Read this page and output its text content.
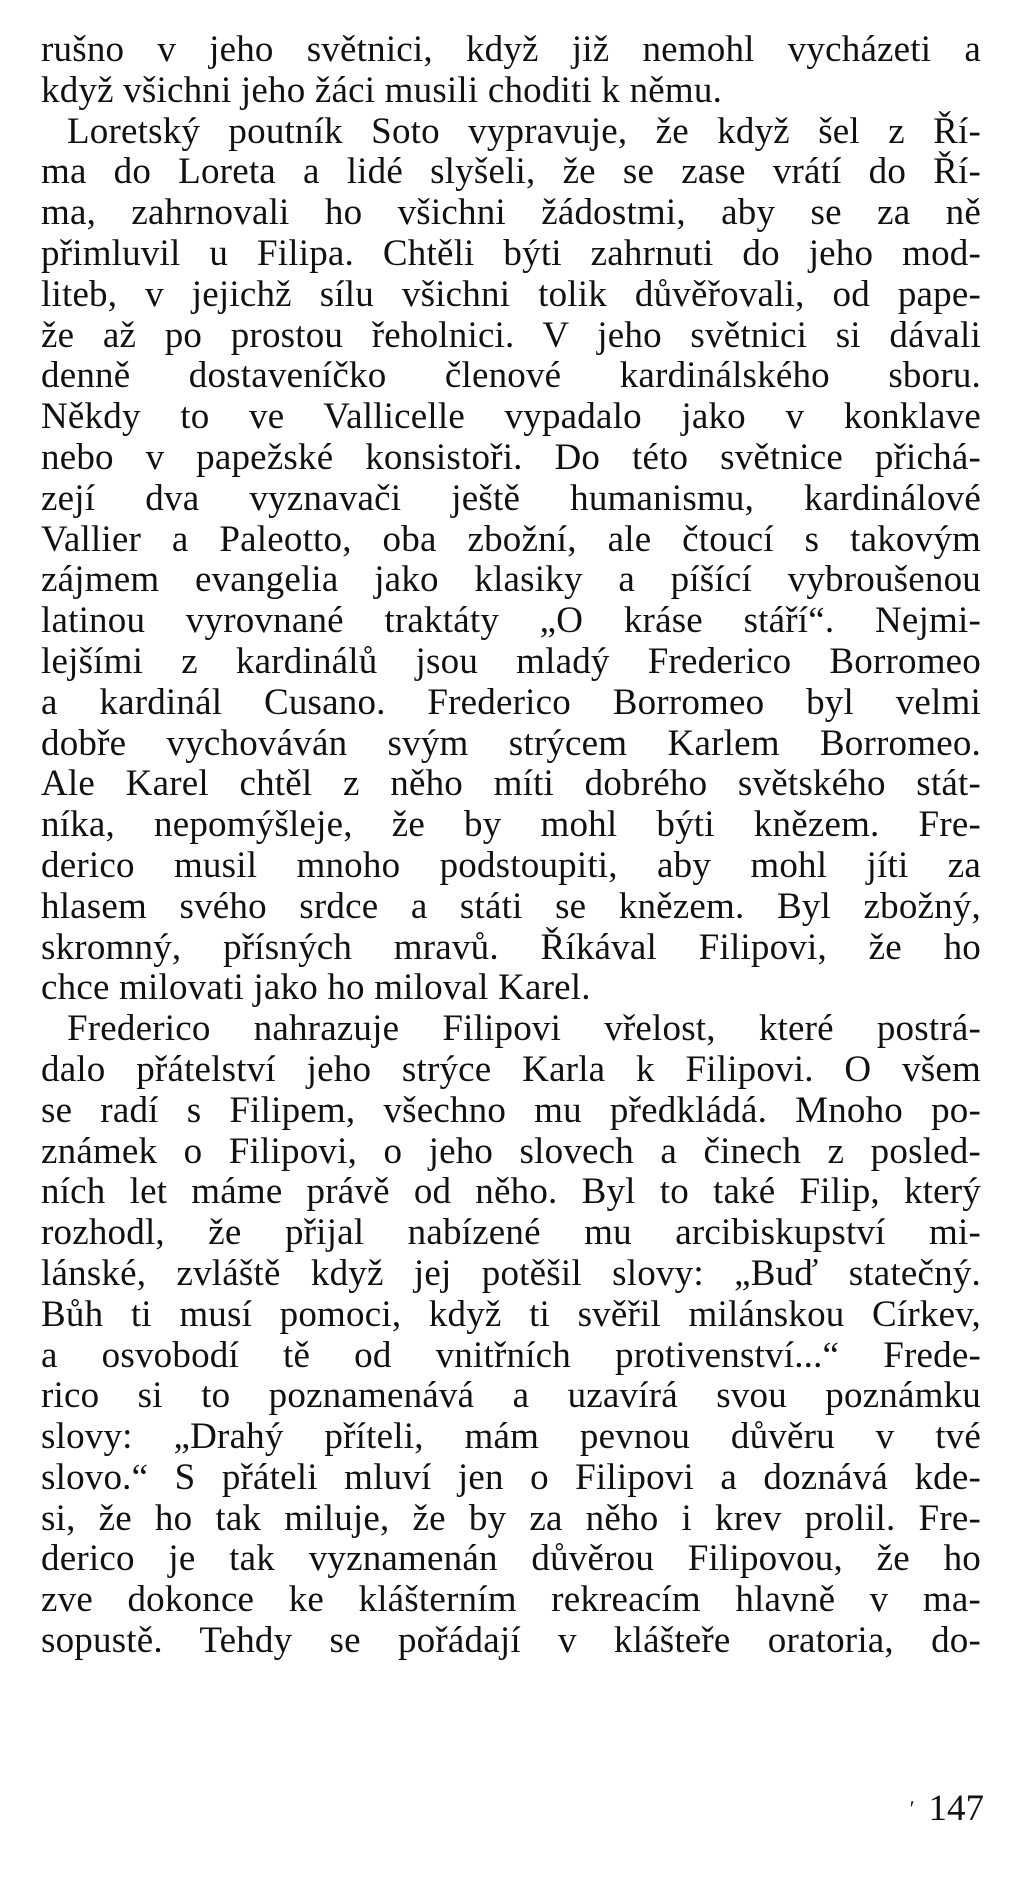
rušno v jeho světnici, když již nemohl vycházeti a
když všichni jeho žáci musili choditi k němu.
Loretský poutník Soto vypravuje, že když šel z Ří-
ma do Loreta a lidé slyšeli, že se zase vrátí do Ří-
ma, zahrnovali ho všichni žádostmi, aby se za ně
přimluvil u Filipa. Chtěli býti zahrnuti do jeho mod-
liteb, v jejichž sílu všichni tolik důvěřovali, od pape-
že až po prostou řeholnici. V jeho světnici si dávali
denně dostaveníčko členové kardinálského sboru.
Někdy to ve Vallicelle vypadalo jako v konklave
nebo v papežské konsistoři. Do této světnice přichá-
zejí dva vyznavači ještě humanismu, kardinálové
Vallier a Paleotto, oba zbožní, ale čtoucí s takovým
zájmem evangelia jako klasiky a píšící vybroušenou
latinou vyrovnané traktáty „O kráse stáří“. Nejmi-
lejšími z kardinálů jsou mladý Frederico Borromeo
a kardinál Cusano. Frederico Borromeo byl velmi
dobře vychováván svým strýcem Karlem Borromeo.
Ale Karel chtěl z něho míti dobrého světského stát-
níka, nepomýšleje, že by mohl býti knězem. Fre-
derico musil mnoho podstoupiti, aby mohl jíti za
hlasem svého srdce a státi se knězem. Byl zbožný,
skromný, přísných mravů. Říkával Filipovi, že ho
chce milovati jako ho miloval Karel.
Frederico nahrazuje Filipovi vřelost, které postrá-
dalo přátelství jeho strýce Karla k Filipovi. O všem
se radí s Filipem, všechno mu předkládá. Mnoho po-
známek o Filipovi, o jeho slovech a činech z posled-
ních let máme právě od něho. Byl to také Filip, který
rozhodl, že přijal nabízené mu arcibiskupství mi-
lánské, zvláště když jej potěšil slovy: „Buď statečný.
Bůh ti musí pomoci, když ti svěřil milánskou Církev,
a osvobodí tě od vnitřních protivenství...“ Frede-
rico si to poznamenává a uzavírá svou poznámku
slovy: „Drahý příteli, mám pevnou důvěru v tvé
slovo.“ S přáteli mluví jen o Filipovi a doznává kde-
si, že ho tak miluje, že by za něho i krev prolil. Fre-
derico je tak vyznamenán důvěrou Filipovou, že ho
zve dokonce ke klášterním rekreacím hlavně v ma-
sopustě. Tehdy se pořádají v klášteře oratoria, do-
$^ʹ$ 147
